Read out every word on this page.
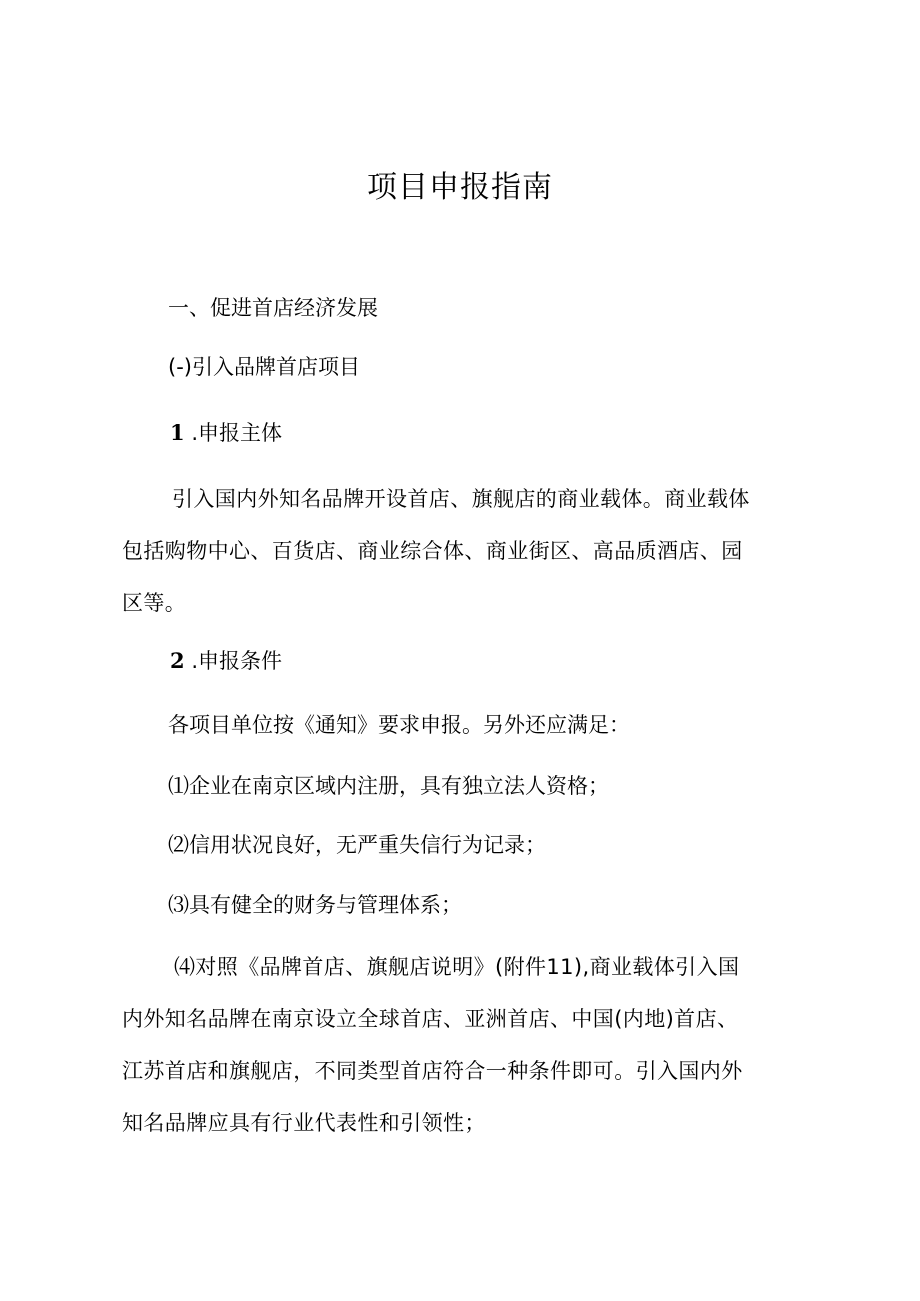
项目申报指南
一、促进首店经济发展
(-)引入品牌首店项目
1 .申报主体
引入国内外知名品牌开设首店、旗舰店的商业载体。商业载体
包括购物中心、百货店、商业综合体、商业街区、高品质酒店、园
区等。
2 .申报条件
各项目单位按《通知》要求申报。另外还应满足：
⑴企业在南京区域内注册，具有独立法人资格；
⑵信用状况良好，无严重失信行为记录；
⑶具有健全的财务与管理体系；
⑷对照《品牌首店、旗舰店说明》(附件11),商业载体引入国
内外知名品牌在南京设立全球首店、亚洲首店、中国(内地)首店、
江苏首店和旗舰店，不同类型首店符合一种条件即可。引入国内外
知名品牌应具有行业代表性和引领性；
